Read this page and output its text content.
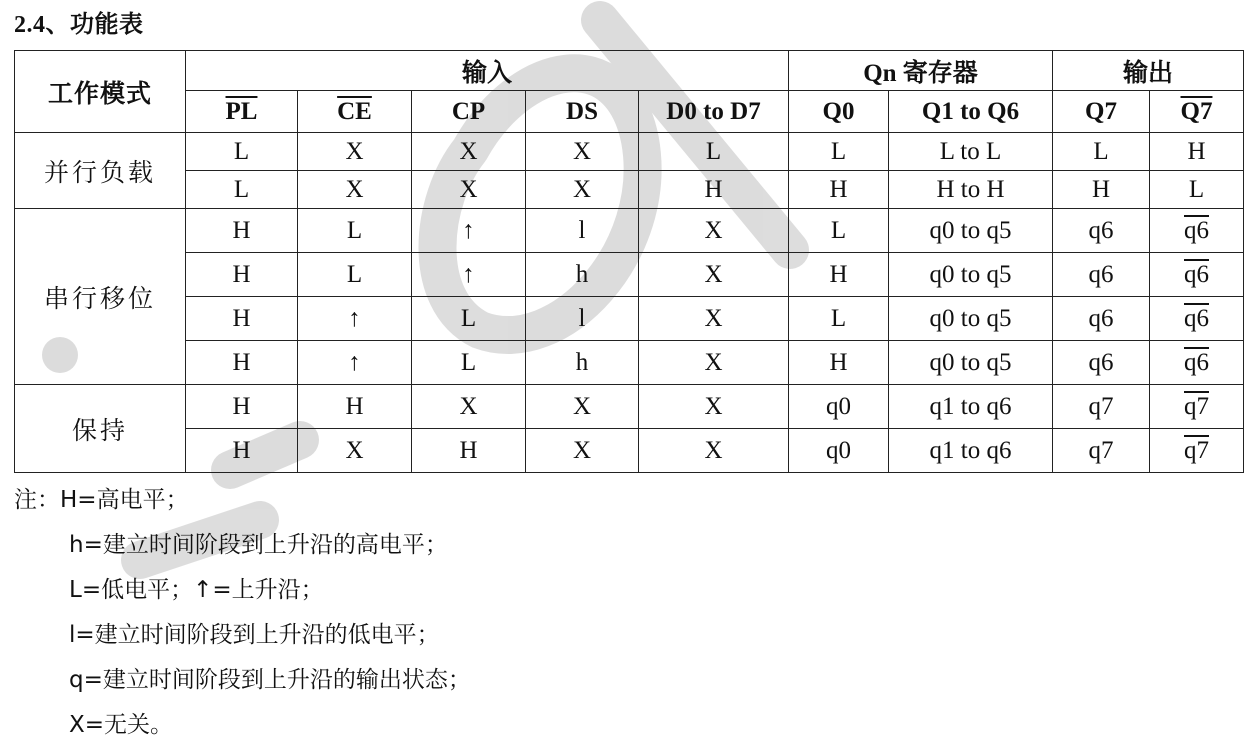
2.4、功能表
工作模式	输入					Qn 寄存器		输出	
	$\overline{PL}$	$\overline{CE}$	CP	DS	D0 to D7	Q0	Q1 to Q6	Q7	Q7
并行负载	L	X	X	X	L	L	L to L	L	H
	L	X	X	X	H	H	H to H	H	L
串行移位	H	L	↑	l	X	L	q0 to q5	q6	q6
	H	L	↑	h	X	H	q0 to q5	q6	q6
	H	↑	L	l	X	L	q0 to q5	q6	q6
	H	↑	L	h	X	H	q0 to q5	q6	q6
保持	H	H	X	X	X	q0	q1 to q6	q7	q7
	H	X	H	X	X	q0	q1 to q6	q7	q7
注：H=高电平；
h=建立时间阶段到上升沿的高电平；
L=低电平；↑=上升沿；
l=建立时间阶段到上升沿的低电平；
q=建立时间阶段到上升沿的输出状态；
X=无关。
